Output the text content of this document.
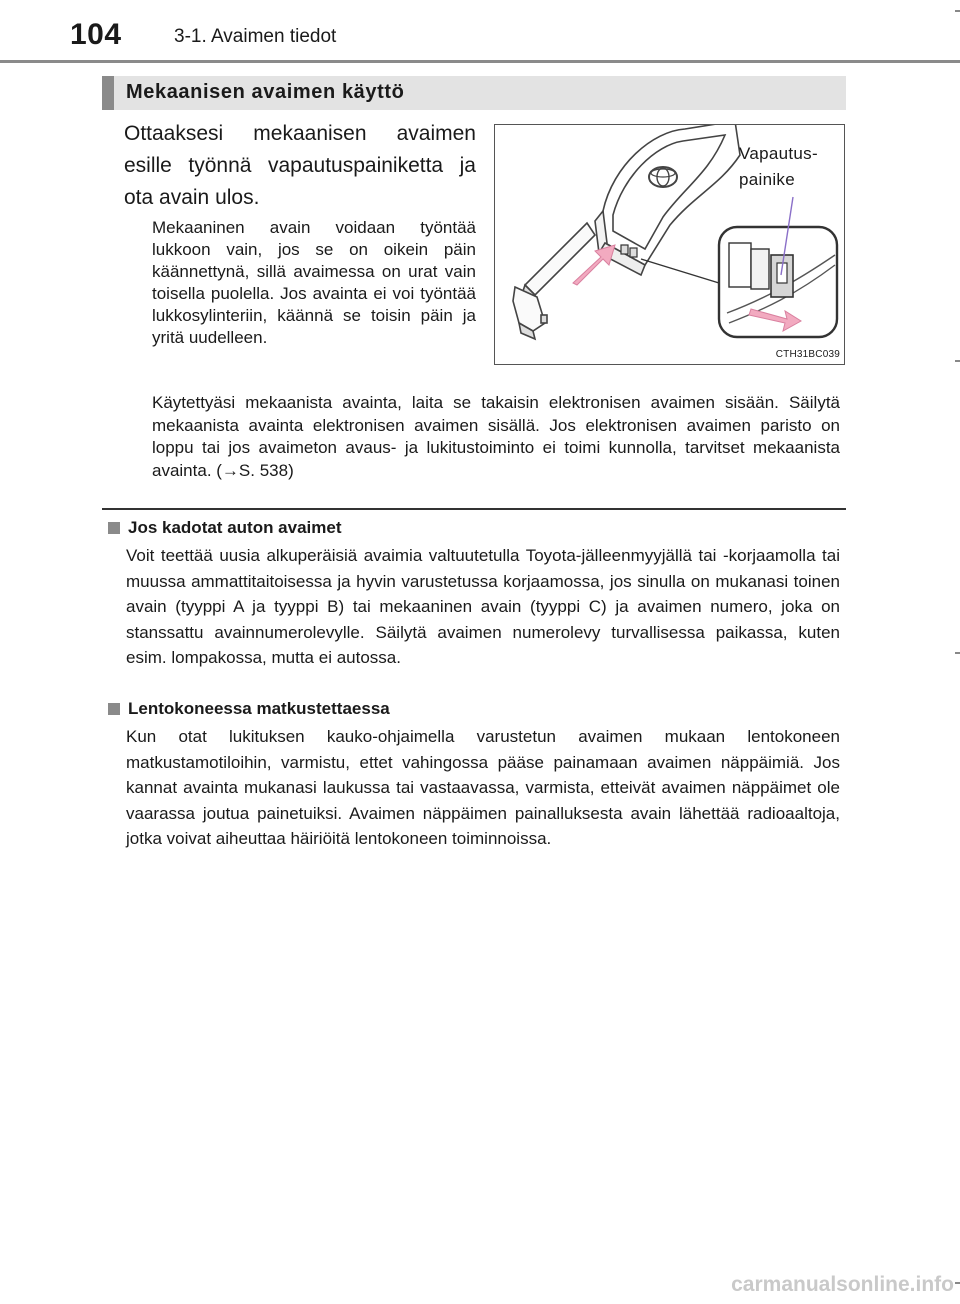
104	3-1. Avaimen tiedot
Mekaanisen avaimen käyttö
Ottaaksesi mekaanisen avaimen esille työnnä vapautuspainiketta ja ota avain ulos.
Mekaaninen avain voidaan työntää lukkoon vain, jos se on oikein päin käännettynä, sillä avaimessa on urat vain toisella puolella. Jos avainta ei voi työntää lukkosylinteriin, käännä se toisin päin ja yritä uudelleen.
Käytettyäsi mekaanista avainta, laita se takaisin elektronisen avaimen sisään. Säilytä mekaanista avainta elektronisen avaimen sisällä. Jos elektronisen avaimen paristo on loppu tai jos avaimeton avaus- ja lukitustoiminto ei toimi kunnolla, tarvitset mekaanista avainta. (→S. 538)
Vapautus-
painike
CTH31BC039
Jos kadotat auton avaimet
Voit teettää uusia alkuperäisiä avaimia valtuutetulla Toyota-jälleenmyyjällä tai -korjaamolla tai muussa ammattitaitoisessa ja hyvin varustetussa korjaamossa, jos sinulla on mukanasi toinen avain (tyyppi A ja tyyppi B) tai mekaaninen avain (tyyppi C) ja avaimen numero, joka on stanssattu avainnumerolevylle. Säilytä avaimen numerolevy turvallisessa paikassa, kuten esim. lompakossa, mutta ei autossa.
Lentokoneessa matkustettaessa
Kun otat lukituksen kauko-ohjaimella varustetun avaimen mukaan lentokoneen matkustamotiloihin, varmistu, ettet vahingossa pääse painamaan avaimen näppäimiä. Jos kannat avainta mukanasi laukussa tai vastaavassa, varmista, etteivät avaimen näppäimet ole vaarassa joutua painetuiksi. Avaimen näppäimen painalluksesta avain lähettää radioaaltoja, jotka voivat aiheuttaa häiriöitä lentokoneen toiminnoissa.
carmanualsonline.info
